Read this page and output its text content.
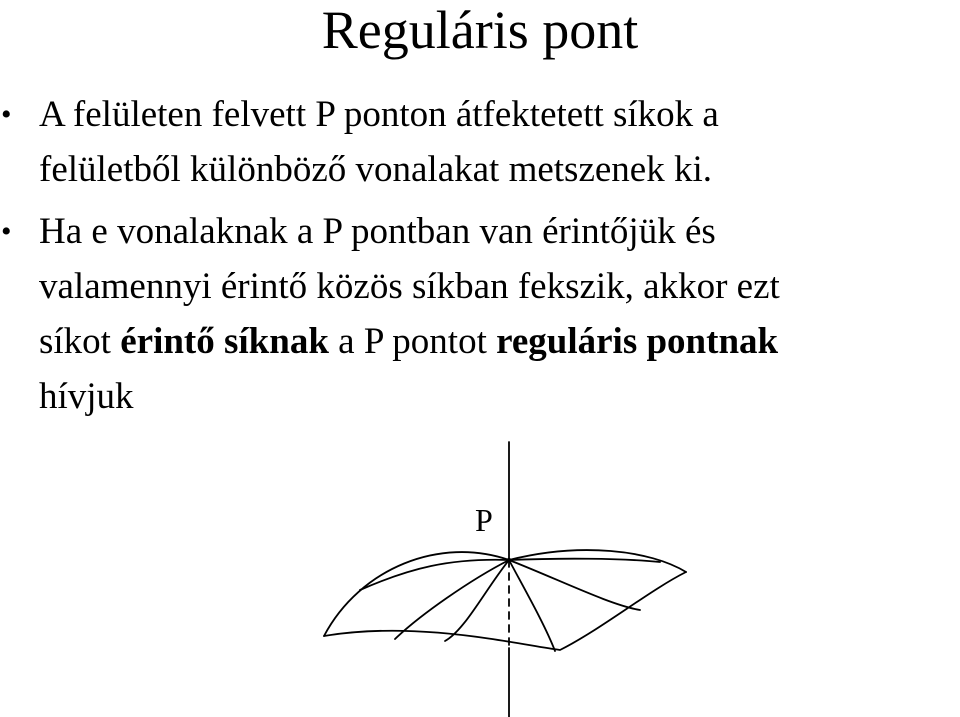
Reguláris pont
• A felületen felvett P ponton átfektetett síkok a
felületből különböző vonalakat metszenek ki.
• Ha e vonalaknak a P pontban van érintőjük és
valamennyi érintő közös síkban fekszik, akkor ezt
síkot érintő síknak a P pontot reguláris pontnak
hívjuk
P
